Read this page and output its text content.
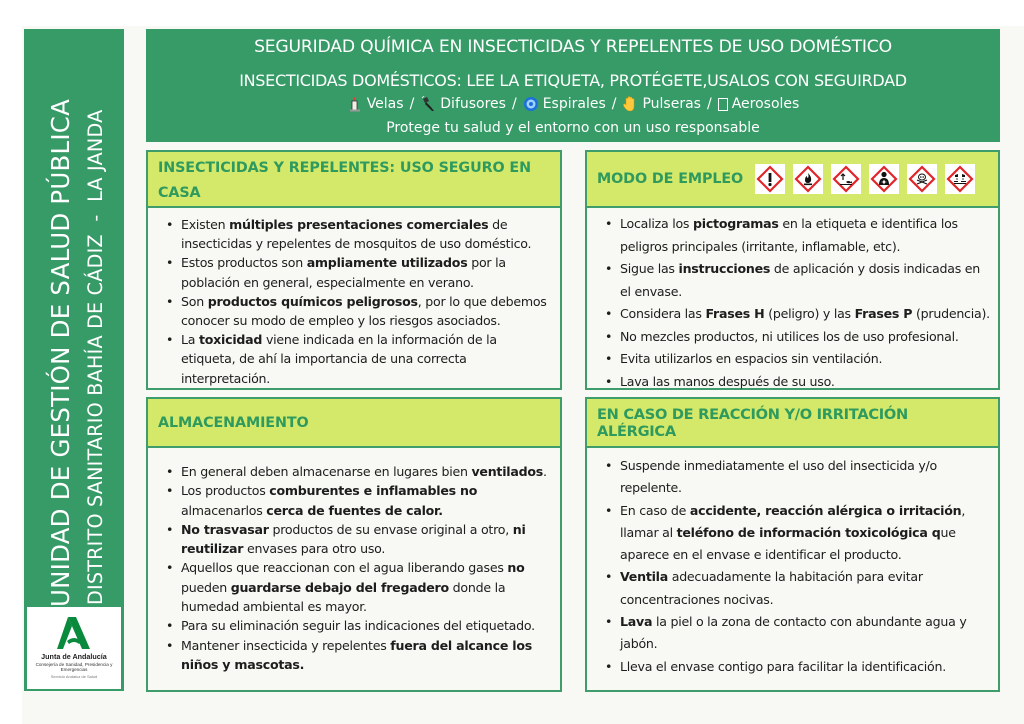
UNIDAD DE GESTIÓN DE SALUD PÚBLICA DISTRITO SANITARIO BAHÍA DE CÁDIZ  -  LA JANDA
Junta de Andalucía
Consejería de Sanidad, Presidencia y Emergencias
Servicio Andaluz de Salud
SEGURIDAD QUÍMICA EN INSECTICIDAS Y REPELENTES DE USO DOMÉSTICO
INSECTICIDAS DOMÉSTICOS: LEE LA ETIQUETA, PROTÉGETE,USALOS CON SEGUIRDAD
Velas / Difusores / Espirales / Pulseras / Aerosoles
Protege tu salud y el entorno con un uso responsable
INSECTICIDAS Y REPELENTES: USO SEGURO EN CASA
• Existen múltiples presentaciones comerciales de insecticidas y repelentes de mosquitos de uso doméstico.
• Estos productos son ampliamente utilizados por la población en general, especialmente en verano.
• Son productos químicos peligrosos, por lo que debemos conocer su modo de empleo y los riesgos asociados.
• La toxicidad viene indicada en la información de la etiqueta, de ahí la importancia de una correcta interpretación.
MODO DE EMPLEO
• Localiza los pictogramas en la etiqueta e identifica los peligros principales (irritante, inflamable, etc).
• Sigue las instrucciones de aplicación y dosis indicadas en el envase.
• Considera las Frases H (peligro) y las Frases P (prudencia).
• No mezcles productos, ni utilices los de uso profesional.
• Evita utilizarlos en espacios sin ventilación.
• Lava las manos después de su uso.
ALMACENAMIENTO
• En general deben almacenarse en lugares bien ventilados.
• Los productos comburentes e inflamables no almacenarlos cerca de fuentes de calor.
• No trasvasar productos de su envase original a otro, ni reutilizar envases para otro uso.
• Aquellos que reaccionan con el agua liberando gases no pueden guardarse debajo del fregadero donde la humedad ambiental es mayor.
• Para su eliminación seguir las indicaciones del etiquetado.
• Mantener insecticida y repelentes fuera del alcance los niños y mascotas.
EN CASO DE REACCIÓN Y/O IRRITACIÓN ALÉRGICA
• Suspende inmediatamente el uso del insecticida y/o repelente.
• En caso de accidente, reacción alérgica o irritación, llamar al teléfono de información toxicológica que aparece en el envase e identificar el producto.
• Ventila adecuadamente la habitación para evitar concentraciones nocivas.
• Lava la piel o la zona de contacto con abundante agua y jabón.
• Lleva el envase contigo para facilitar la identificación.
